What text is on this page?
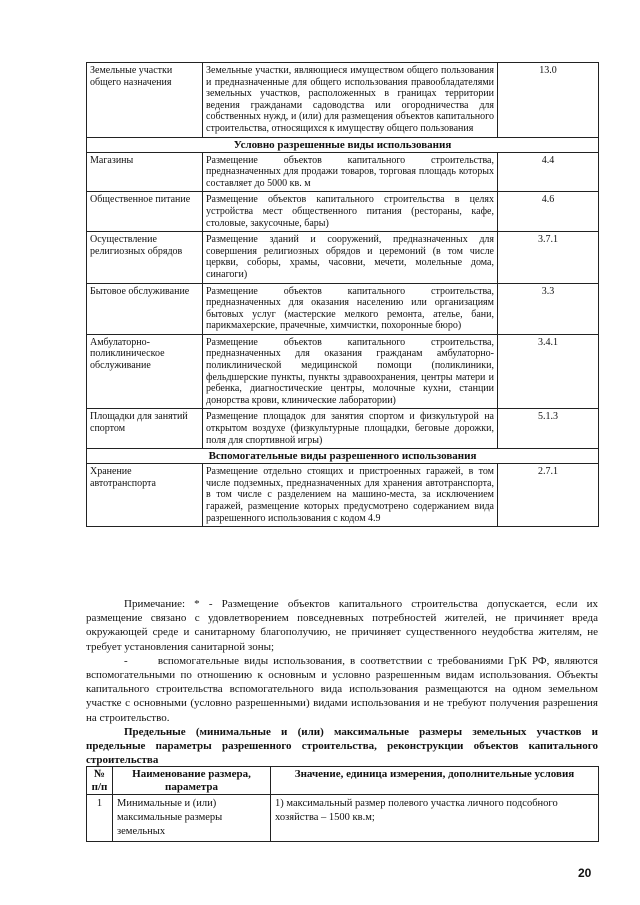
Земельные участки общего назначения	Земельные участки, являющиеся имуществом общего пользования и предназначенные для общего использования правообладателями земельных участков, расположенных в границах территории ведения гражданами садоводства или огородничества для собственных нужд, и (или) для размещения объектов капитального строительства, относящихся к имуществу общего пользования	13.0
Условно разрешенные виды использования		
Магазины	Размещение объектов капитального строительства, предназначенных для продажи товаров, торговая площадь которых составляет до 5000 кв. м	4.4
Общественное питание	Размещение объектов капитального строительства в целях устройства мест общественного питания (рестораны, кафе, столовые, закусочные, бары)	4.6
Осуществление религиозных обрядов	Размещение зданий и сооружений, предназначенных для совершения религиозных обрядов и церемоний (в том числе церкви, соборы, храмы, часовни, мечети, молельные дома, синагоги)	3.7.1
Бытовое обслуживание	Размещение объектов капитального строительства, предназначенных для оказания населению или организациям бытовых услуг (мастерские мелкого ремонта, ателье, бани, парикмахерские, прачечные, химчистки, похоронные бюро)	3.3
Амбулаторно-поликлиническое обслуживание	Размещение объектов капитального строительства, предназначенных для оказания гражданам амбулаторно-поликлинической медицинской помощи (поликлиники, фельдшерские пункты, пункты здравоохранения, центры матери и ребенка, диагностические центры, молочные кухни, станции донорства крови, клинические лаборатории)	3.4.1
Площадки для занятий спортом	Размещение площадок для занятия спортом и физкультурой на открытом воздухе (физкультурные площадки, беговые дорожки, поля для спортивной игры)	5.1.3
Вспомогательные виды разрешенного использования		
Хранение автотранспорта	Размещение отдельно стоящих и пристроенных гаражей, в том числе подземных, предназначенных для хранения автотранспорта, в том числе с разделением на машино-места, за исключением гаражей, размещение которых предусмотрено содержанием вида разрешенного использования с кодом 4.9	2.7.1

Примечание: * - Размещение объектов капитального строительства допускается, если их размещение связано с удовлетворением повседневных потребностей жителей, не причиняет вреда окружающей среде и санитарному благополучию, не причиняет существенного неудобства жителям, не требует установления санитарной зоны;

-	вспомогательные виды использования, в соответствии с требованиями ГрК РФ, являются вспомогательными по отношению к основным и условно разрешенным видам использования. Объекты капитального строительства вспомогательного вида использования размещаются на одном земельном участке с основными (условно разрешенными) видами использования и не требуют получения разрешения на строительство.

Предельные (минимальные и (или) максимальные размеры земельных участков и предельные параметры разрешенного строительства, реконструкции объектов капитального строительства

№ п/п	Наименование размера, параметра	Значение, единица измерения, дополнительные условия
1	Минимальные и (или) максимальные размеры земельных	1) максимальный размер полевого участка личного подсобного хозяйства – 1500 кв.м;
20
